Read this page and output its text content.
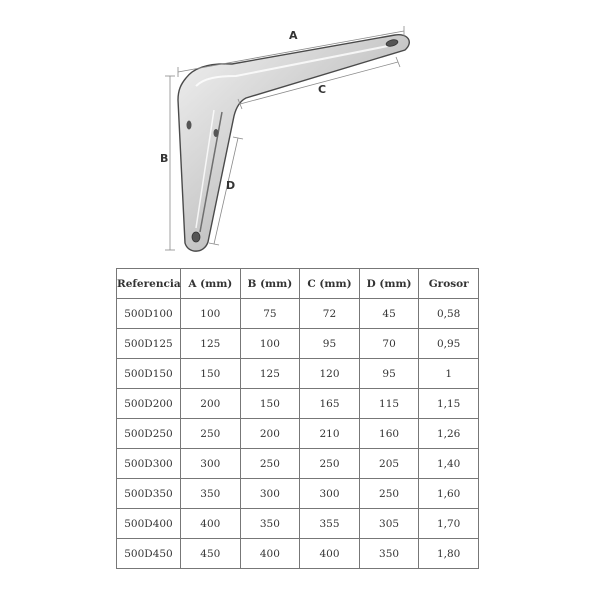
A
B
C
D
Referencia	A (mm)	B (mm)	C (mm)	D (mm)	Grosor
500D100	100	75	72	45	0,58
500D125	125	100	95	70	0,95
500D150	150	125	120	95	1
500D200	200	150	165	115	1,15
500D250	250	200	210	160	1,26
500D300	300	250	250	205	1,40
500D350	350	300	300	250	1,60
500D400	400	350	355	305	1,70
500D450	450	400	400	350	1,80
